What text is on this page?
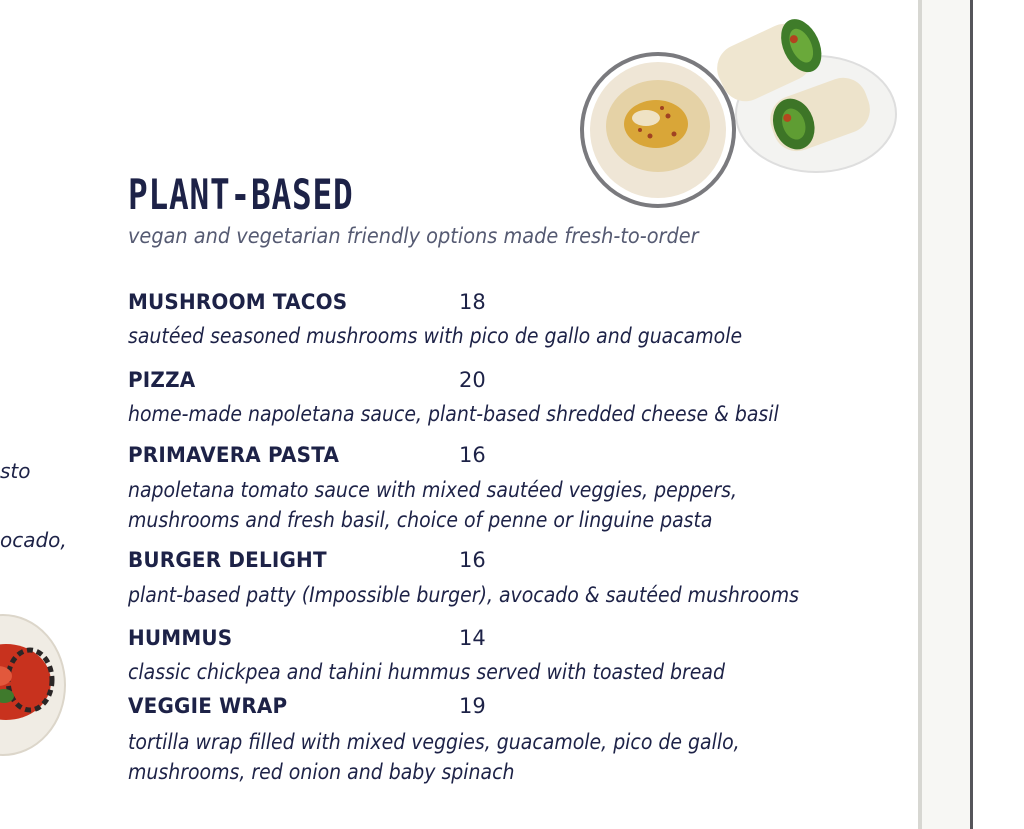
sto
ocado,
PLANT-BASED
vegan and vegetarian friendly options made fresh-to-order
MUSHROOM TACOS	18
sautéed seasoned mushrooms with pico de gallo and guacamole
PIZZA	20
home-made napoletana sauce, plant-based shredded cheese & basil
PRIMAVERA PASTA	16
napoletana tomato sauce with mixed sautéed veggies, peppers,
mushrooms and fresh basil, choice of penne or linguine pasta
BURGER DELIGHT	16
plant-based patty (Impossible burger), avocado & sautéed mushrooms
HUMMUS	14
classic chickpea and tahini hummus served with toasted bread
VEGGIE WRAP	19
tortilla wrap filled with mixed veggies, guacamole, pico de gallo,
mushrooms, red onion and baby spinach
